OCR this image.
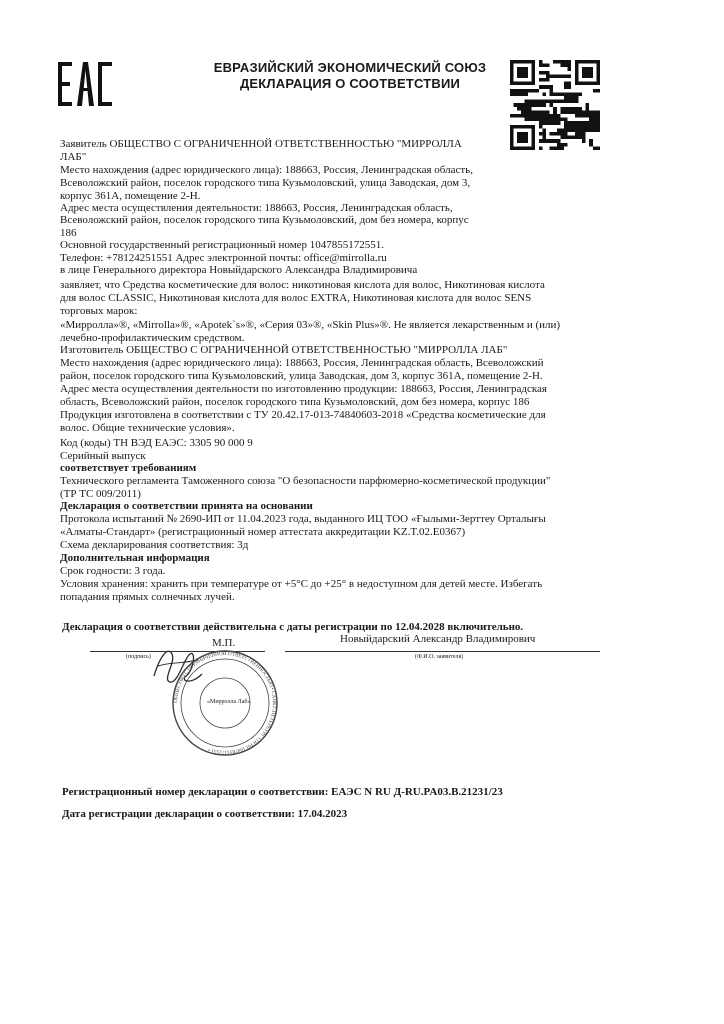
ЕВРАЗИЙСКИЙ ЭКОНОМИЧЕСКИЙ СОЮЗ
ДЕКЛАРАЦИЯ О СООТВЕТСТВИИ
Заявитель ОБЩЕСТВО С ОГРАНИЧЕННОЙ ОТВЕТСТВЕННОСТЬЮ "МИРРОЛЛА
ЛАБ"
Место нахождения (адрес юридического лица): 188663, Россия, Ленинградская область,
Всеволожский район, поселок городского типа Кузьмоловский, улица Заводская, дом 3,
корпус 361А, помещение 2-Н.
Адрес места осуществления деятельности: 188663, Россия, Ленинградская область,
Всеволожский район, поселок городского типа Кузьмоловский, дом без номера, корпус
186
Основной государственный регистрационный номер 1047855172551.
Телефон: +78124251551 Адрес электронной почты: office@mirrolla.ru
в лице Генерального директора Новыйдарского Александра Владимировича
заявляет, что Средства косметические для волос: никотиновая кислота для волос, Никотиновая кислота
для волос CLASSIC, Никотиновая кислота для волос EXTRA, Никотиновая кислота для волос SENS
торговых марок:
«Мирролла»®, «Mirrolla»®, «Apotek`s»®, «Серия 03»®, «Skin Plus»®. Не является лекарственным и (или)
лечебно-профилактическим средством.
Изготовитель ОБЩЕСТВО С ОГРАНИЧЕННОЙ ОТВЕТСТВЕННОСТЬЮ "МИРРОЛЛА ЛАБ"
Место нахождения (адрес юридического лица): 188663, Россия, Ленинградская область, Всеволожский
район, поселок городского типа Кузьмоловский, улица Заводская, дом 3, корпус 361А, помещение 2-Н.
Адрес места осуществления деятельности по изготовлению продукции: 188663, Россия, Ленинградская
область, Всеволожский район, поселок городского типа Кузьмоловский, дом без номера, корпус 186
Продукция изготовлена в соответствии с ТУ 20.42.17-013-74840603-2018 «Средства косметические для
волос. Общие технические условия».
Код (коды) ТН ВЭД ЕАЭС: 3305 90 000 9
Серийный выпуск
соответствует требованиям
Технического регламента Таможенного союза "О безопасности парфюмерно-косметической продукции"
(ТР ТС 009/2011)
Декларация о соответствии принята на основании
Протокола испытаний № 2690-ИП от 11.04.2023 года, выданного ИЦ ТОО «Ғылыми-Зерттеу Орталығы
«Алматы-Стандарт» (регистрационный номер аттестата аккредитации KZ.T.02.E0367)
Схема декларирования соответствия: 3д
Дополнительная информация
Срок годности: 3 года.
Условия хранения: хранить при температуре от +5°С до +25° в недоступном для детей месте. Избегать
попадания прямых солнечных лучей.
Декларация о соответствии действительна с даты регистрации по 12.04.2028 включительно.
М.П.	Новыйдарский Александр Владимирович
(подпись)	(Ф.И.О. заявителя)
ОБЩЕСТВО С ОГРАНИЧЕННОЙ ОТВЕТСТВЕННОСТЬЮ • САНКТ-ПЕТЕРБУРГ • ОГРН 1047855172551 •
«Мирролла Лаб»
Регистрационный номер декларации о соответствии: ЕАЭС N RU Д-RU.PA03.B.21231/23
Дата регистрации декларации о соответствии: 17.04.2023
